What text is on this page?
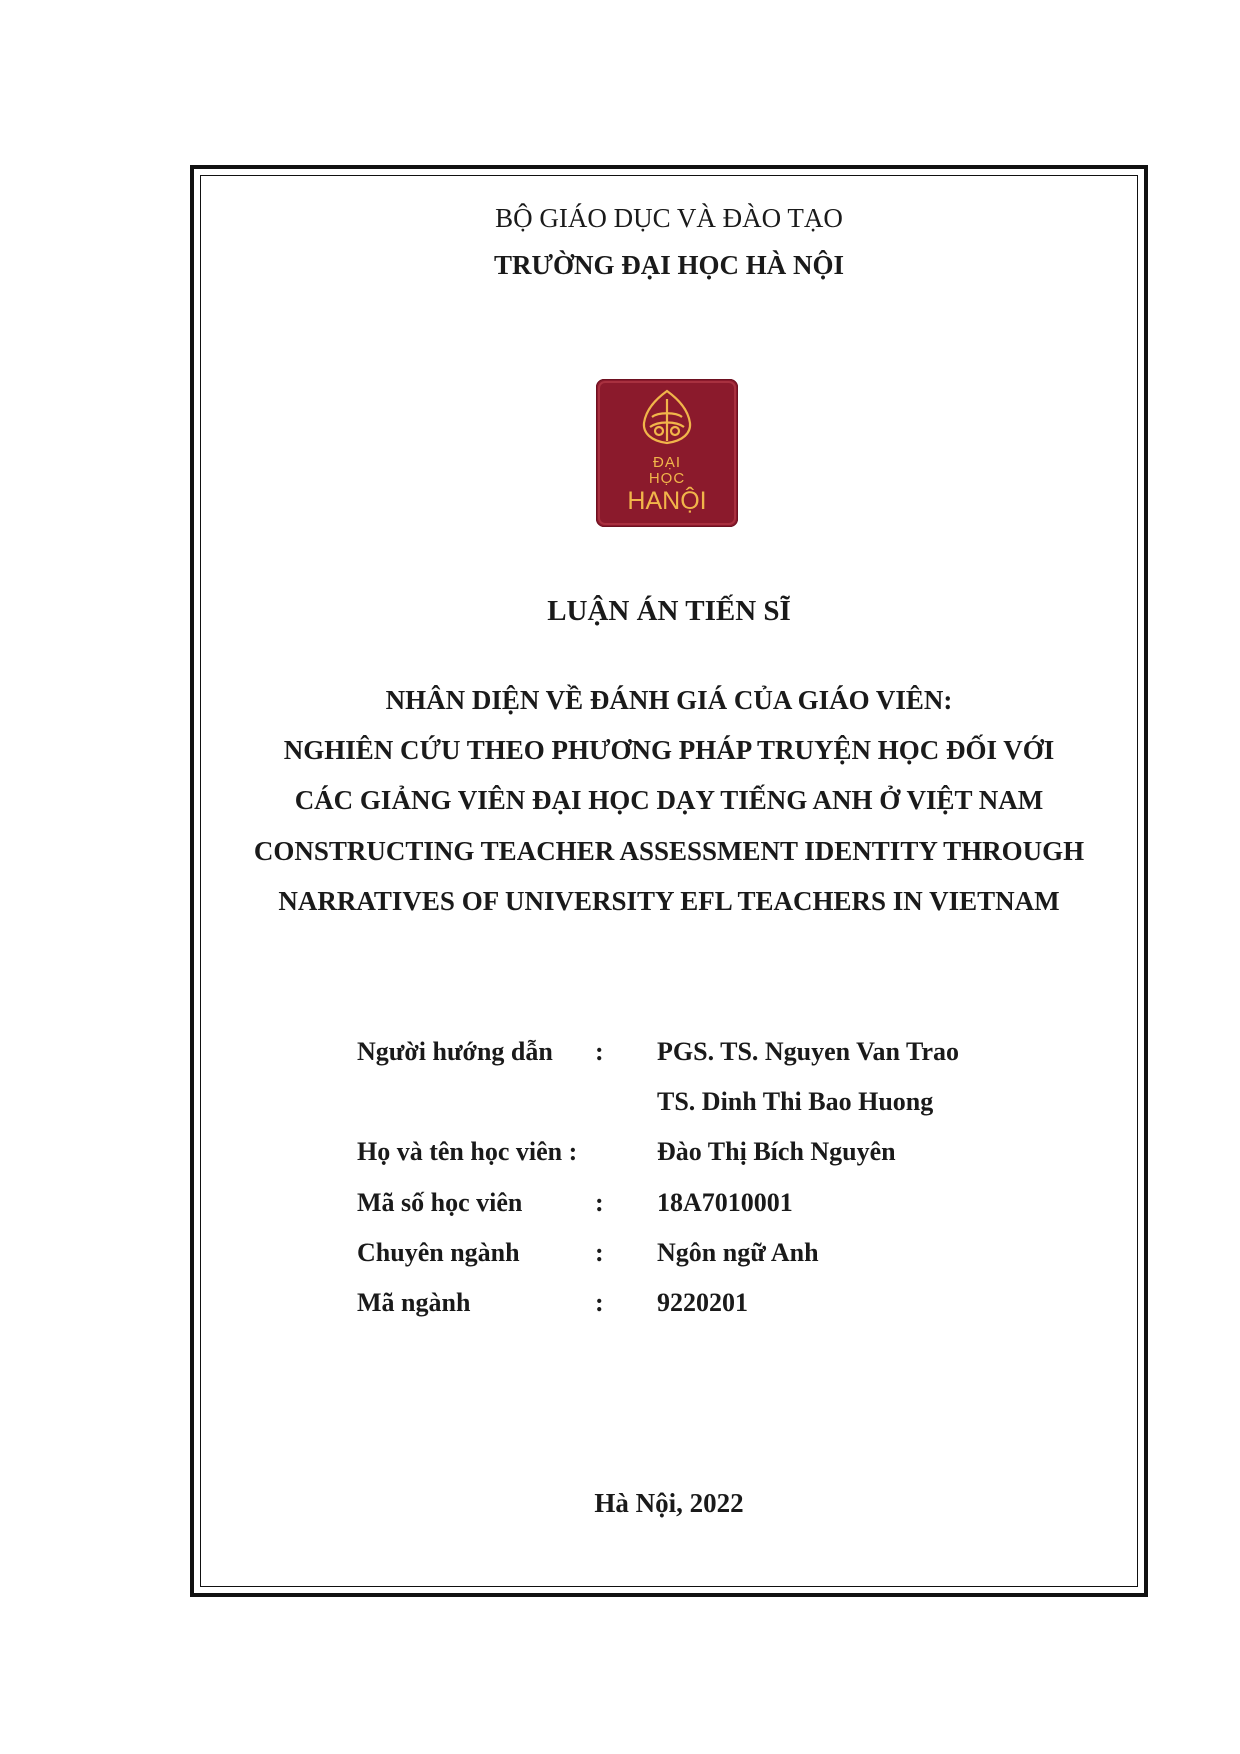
BỘ GIÁO DỤC VÀ ĐÀO TẠO
TRƯỜNG ĐẠI HỌC HÀ NỘI
ĐẠI
HỌC
HANỘI
LUẬN ÁN TIẾN SĨ
NHÂN DIỆN VỀ ĐÁNH GIÁ CỦA GIÁO VIÊN:
NGHIÊN CỨU THEO PHƯƠNG PHÁP TRUYỆN HỌC ĐỐI VỚI
CÁC GIẢNG VIÊN ĐẠI HỌC DẠY TIẾNG ANH Ở VIỆT NAM
CONSTRUCTING TEACHER ASSESSMENT IDENTITY THROUGH
NARRATIVES OF UNIVERSITY EFL TEACHERS IN VIETNAM
Người hướng dẫn : PGS. TS. Nguyen Van Trao
TS. Dinh Thi Bao Huong
Họ và tên học viên :	Đào Thị Bích Nguyên
Mã số học viên	: 18A7010001
Chuyên ngành	: Ngôn ngữ Anh
Mã ngành	: 9220201
Hà Nội, 2022
